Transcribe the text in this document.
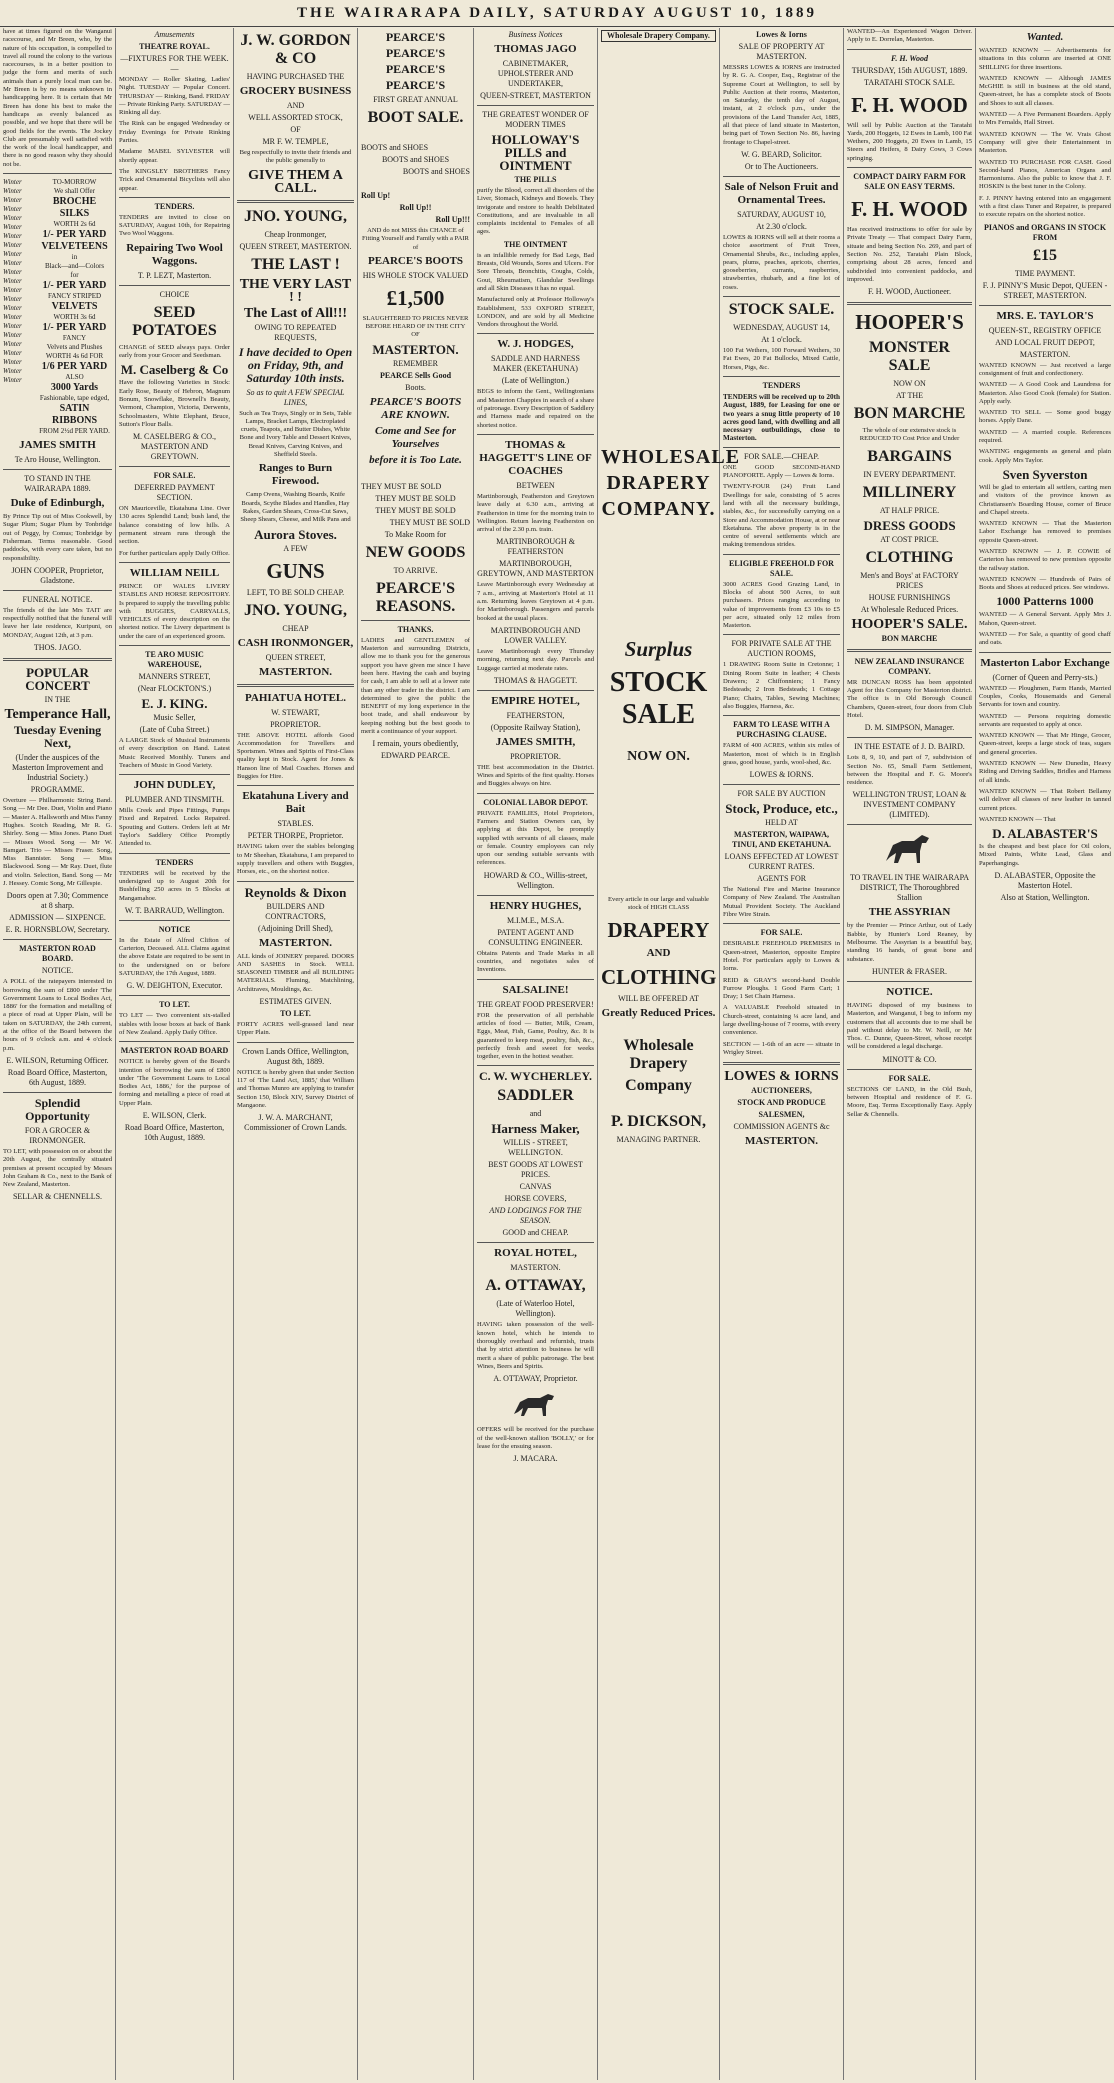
THE WAIRARAPA DAILY, SATURDAY AUGUST 10, 1889

have at times figured on the Wanganui racecourse, and Mr Breen, who, by the nature of his occupation, is compelled to travel all round the colony to the various racecourses, is in a better position to judge the form and merits of such animals than a purely local man can be. Mr Breen is by no means unknown in handicapping here. It is certain that Mr Breen has done his best to make the handicaps as evenly balanced as possible, and we hope that there will be good fields for the events. The Jockey Club are presumably well satisfied with the work of the local handicapper, and there is no good reason why they should not be.

Winter
Winter
Winter
Winter
Winter
Winter
Winter
Winter
Winter
Winter
Winter
Winter
Winter
Winter
Winter
Winter
Winter
Winter
Winter
Winter
Winter
Winter
Winter
TO-MORROW
We shall Offer
BROCHE SILKS
WORTH 2s 6d
1/- PER YARD
VELVETEENS
in
Black—and—Colors
for
1/- PER YARD
FANCY STRIPED
VELVETS
WORTH 3s 6d
1/- PER YARD
FANCY
Velvets and Plushes
WORTH 4s 6d FOR
1/6 PER YARD
ALSO
3000 Yards
Fashionable, tape edged,
SATIN RIBBONS
FROM 2½d PER YARD.
JAMES SMITH
Te Aro House, Wellington.
TO STAND IN THE WAIRARAPA 1889.
Duke of Edinburgh,

By Prince Tip out of Miss Cookwell, by Sugar Plum; Sugar Plum by Tonbridge out of Peggy, by Comus; Tonbridge by Fisherman. Terms reasonable. Good paddocks, with every care taken, but no responsibility.

JOHN COOPER, Proprietor, Gladstone.
FUNERAL NOTICE.

The friends of the late Mrs TAIT are respectfully notified that the funeral will leave her late residence, Kuripuni, on MONDAY, August 12th, at 3 p.m.

THOS. JAGO.
POPULAR CONCERT
IN THE
Temperance Hall,
Tuesday Evening Next,
(Under the auspices of the Masterton Improvement and Industrial Society.)
PROGRAMME.

Overture — Philharmonic String Band. Song — Mr Dee. Duet, Violin and Piano — Master A. Hallsworth and Miss Fanny Hughes. Scotch Reading, Mr R. G. Shirley. Song — Miss Jones. Piano Duet — Misses Wood. Song — Mr W. Bamgart. Trio — Misses Fraser. Song, Miss Bannister. Song — Miss Blackwood. Song — Mr Ray. Duet, flute and violin. Selection, Band. Song — Mr J. Hessey. Comic Song, Mr Gillespie.

Doors open at 7.30; Commence at 8 sharp.
ADMISSION — SIXPENCE.
E. R. HORNSBLOW, Secretary.
MASTERTON ROAD BOARD.
NOTICE.

A POLL of the ratepayers interested in borrowing the sum of £800 under 'The Government Loans to Local Bodies Act, 1886' for the formation and metalling of a piece of road at Upper Plain, will be taken on SATURDAY, the 24th current, at the office of the Board between the hours of 9 o'clock a.m. and 4 o'clock p.m.

E. WILSON, Returning Officer.
Road Board Office, Masterton, 6th August, 1889.
Splendid Opportunity
FOR A GROCER & IRONMONGER.

TO LET, with possession on or about the 20th August, the centrally situated premises at present occupied by Messrs John Graham & Co., next to the Bank of New Zealand, Masterton.

SELLAR & CHENNELLS.
Amusements
THEATRE ROYAL.
—FIXTURES FOR THE WEEK.—

MONDAY — Roller Skating, Ladies' Night. TUESDAY — Popular Concert. THURSDAY — Rinking, Band. FRIDAY — Private Rinking Party. SATURDAY — Rinking all day.

The Rink can be engaged Wednesday or Friday Evenings for Private Rinking Parties.

Madame MABEL SYLVESTER will shortly appear.

The KINGSLEY BROTHERS Fancy Trick and Ornamental Bicyclists will also appear.

TENDERS.

TENDERS are invited to close on SATURDAY, August 10th, for Repairing Two Wool Waggons.

Repairing Two Wool Waggons.
T. P. LEZT, Masterton.
CHOICE
SEED POTATOES

CHANGE of SEED always pays. Order early from your Grocer and Seedsman.

M. Caselberg & Co

Have the following Varieties in Stock: Early Rose, Beauty of Hebron, Magnum Bonum, Snowflake, Brownell's Beauty, Vermont, Champion, Victoria, Derwents, Schoolmasters, White Elephant, Bruce, Sutton's Flour Balls.

M. CASELBERG & CO., MASTERTON AND GREYTOWN.
FOR SALE.
DEFERRED PAYMENT SECTION.

ON Mauriceville, Ekatahuna Line. Over 130 acres Splendid Land; bush land, the balance consisting of low hills. A permanent stream runs through the section.

For further particulars apply Daily Office.

WILLIAM NEILL

PRINCE OF WALES LIVERY STABLES AND HORSE REPOSITORY. Is prepared to supply the travelling public with BUGGIES, CARRYALLS, VEHICLES of every description on the shortest notice. The Livery department is under the care of an experienced groom.

TE ARO MUSIC WAREHOUSE,
MANNERS STREET,
(Near FLOCKTON'S.)
E. J. KING.
Music Seller,
(Late of Cuba Street.)

A LARGE Stock of Musical Instruments of every description on Hand. Latest Music Received Monthly. Tuners and Teachers of Music in Good Variety.

JOHN DUDLEY,
PLUMBER AND TINSMITH.

Mills Creek and Pipes Fittings, Pumps Fixed and Repaired. Locks Repaired. Spouting and Gutters. Orders left at Mr Taylor's Saddlery Office Promptly Attended to.

TENDERS

TENDERS will be received by the undersigned up to August 20th for Bushfelling 250 acres in 5 Blocks at Mangamahoe.

W. T. BARRAUD, Wellington.
NOTICE

In the Estate of Alfred Clifton of Carterton, Deceased. ALL Claims against the above Estate are required to be sent in to the undersigned on or before SATURDAY, the 17th August, 1889.

G. W. DEIGHTON, Executor.
TO LET.

TO LET — Two convenient six-stalled stables with loose boxes at back of Bank of New Zealand. Apply Daily Office.

MASTERTON ROAD BOARD

NOTICE is hereby given of the Board's intention of borrowing the sum of £800 under 'The Government Loans to Local Bodies Act, 1886,' for the purpose of forming and metalling a piece of road at Upper Plain.

E. WILSON, Clerk.
Road Board Office, Masterton, 10th August, 1889.
J. W. GORDON & CO
HAVING PURCHASED THE
GROCERY BUSINESS
AND
WELL ASSORTED STOCK,
OF
MR F. W. TEMPLE,

Beg respectfully to invite their friends and the public generally to

GIVE THEM A CALL.
JNO. YOUNG,
Cheap Ironmonger,
QUEEN STREET, MASTERTON.
THE LAST !
THE VERY LAST ! !
The Last of All!!!
OWING TO REPEATED REQUESTS,
I have decided to Open on Friday, 9th, and Saturday 10th insts.
So as to quit A FEW SPECIAL LINES,

Such as Tea Trays, Singly or in Sets, Table Lamps, Bracket Lamps, Electroplated cruets, Teapots, and Butter Dishes, White Bone and Ivory Table and Dessert Knives, Bread Knives, Carving Knives, and Sheffield Steels.

Ranges to Burn Firewood.

Camp Ovens, Washing Boards, Knife Boards, Scythe Blades and Handles, Hay Rakes, Garden Shears, Cross-Cut Saws, Sheep Shears, Cheese, and Milk Pans and

Aurora Stoves.
A FEW
GUNS
LEFT, TO BE SOLD CHEAP.
JNO. YOUNG,
CHEAP
CASH IRONMONGER,
QUEEN STREET,
MASTERTON.
PAHIATUA HOTEL.
W. STEWART,
PROPRIETOR.

THE ABOVE HOTEL affords Good Accommodation for Travellers and Sportsmen. Wines and Spirits of First-Class quality kept in Stock. Agent for Jones & Hanson line of Mail Coaches. Horses and Buggies for Hire.

Ekatahuna Livery and Bait
STABLES.
PETER THORPE, Proprietor.

HAVING taken over the stables belonging to Mr Sheehan, Ekatahuna, I am prepared to supply travellers and others with Buggies, Horses, etc., on the shortest notice.

Reynolds & Dixon
BUILDERS AND CONTRACTORS,
(Adjoining Drill Shed),
MASTERTON.

ALL kinds of JOINERY prepared. DOORS AND SASHES in Stock. WELL SEASONED TIMBER and all BUILDING MATERIALS. Fluming, Matchlining, Architraves, Mouldings, &c.

ESTIMATES GIVEN.
TO LET.

FORTY ACRES well-grassed land near Upper Plain.

Crown Lands Office, Wellington, August 8th, 1889.

NOTICE is hereby given that under Section 117 of 'The Land Act, 1885,' that William and Thomas Munro are applying to transfer Section 150, Block XIV, Survey District of Mangaone.

J. W. A. MARCHANT, Commissioner of Crown Lands.
PEARCE'S
PEARCE'S
PEARCE'S
PEARCE'S
FIRST GREAT ANNUAL
BOOT SALE.
BOOTS and SHOES
BOOTS and SHOES
BOOTS and SHOES
Roll Up!
Roll Up!!
Roll Up!!!

AND do not MISS this CHANCE of Fitting Yourself and Family with a PAIR of

PEARCE'S BOOTS
HIS WHOLE STOCK VALUED
£1,500

SLAUGHTERED TO PRICES NEVER BEFORE HEARD OF IN THE CITY OF

MASTERTON.
REMEMBER
PEARCE Sells Good
Boots.
PEARCE'S BOOTS ARE KNOWN.
Come and See for Yourselves
before it is Too Late.
THEY MUST BE SOLD
THEY MUST BE SOLD
THEY MUST BE SOLD
THEY MUST BE SOLD
To Make Room for
NEW GOODS
TO ARRIVE.
PEARCE'S REASONS.
THANKS.

LADIES and GENTLEMEN of Masterton and surrounding Districts, allow me to thank you for the generous support you have given me since I have been here. Having the cash and buying for cash, I am able to sell at a lower rate than any other trader in the district. I am determined to give the public the BENEFIT of my long experience in the boot trade, and shall endeavour by keeping nothing but the best goods to merit a continuance of your support.

I remain, yours obediently,
EDWARD PEARCE.
Business Notices
THOMAS JAGO
CABINETMAKER, UPHOLSTERER AND UNDERTAKER,
QUEEN-STREET, MASTERTON
THE GREATEST WONDER OF MODERN TIMES
HOLLOWAY'S PILLS and OINTMENT
THE PILLS

purify the Blood, correct all disorders of the Liver, Stomach, Kidneys and Bowels. They invigorate and restore to health Debilitated Constitutions, and are invaluable in all complaints incidental to Females of all ages.

THE OINTMENT

is an infallible remedy for Bad Legs, Bad Breasts, Old Wounds, Sores and Ulcers. For Sore Throats, Bronchitis, Coughs, Colds, Gout, Rheumatism, Glandular Swellings and all Skin Diseases it has no equal.

Manufactured only at Professor Holloway's Establishment, 533 OXFORD STREET, LONDON, and are sold by all Medicine Vendors throughout the World.

W. J. HODGES,
SADDLE AND HARNESS MAKER (EKETAHUNA)
(Late of Wellington.)

BEGS to inform the Gent., Wellingtonians and Masterton Chappies in search of a share of patronage. Every Description of Saddlery and Harness made and repaired on the shortest notice.

THOMAS & HAGGETT'S LINE OF COACHES
BETWEEN

Martinborough, Featherston and Greytown leave daily at 6.30 a.m., arriving at Featherston in time for the morning train to Wellington. Return leaving Featherston on arrival of the 2.30 p.m. train.

MARTINBOROUGH & FEATHERSTON
MARTINBOROUGH, GREYTOWN, AND MASTERTON

Leave Martinborough every Wednesday at 7 a.m., arriving at Masterton's Hotel at 11 a.m. Returning leaves Greytown at 4 p.m. for Martinborough. Passengers and parcels booked at the usual places.

MARTINBOROUGH AND LOWER VALLEY.

Leave Martinborough every Thursday morning, returning next day. Parcels and Luggage carried at moderate rates.

THOMAS & HAGGETT.
EMPIRE HOTEL,
FEATHERSTON,
(Opposite Railway Station),
JAMES SMITH,
PROPRIETOR.

THE best accommodation in the District. Wines and Spirits of the first quality. Horses and Buggies always on hire.

COLONIAL LABOR DEPOT.

PRIVATE FAMILIES, Hotel Proprietors, Farmers and Station Owners can, by applying at this Depot, be promptly supplied with servants of all classes, male or female. Country employees can rely upon our sending suitable servants with references.

HOWARD & CO., Willis-street, Wellington.
HENRY HUGHES,
M.I.M.E., M.S.A.
PATENT AGENT AND CONSULTING ENGINEER.

Obtains Patents and Trade Marks in all countries, and negotiates sales of Inventions.

SALSALINE!
THE GREAT FOOD PRESERVER!

FOR the preservation of all perishable articles of food — Butter, Milk, Cream, Eggs, Meat, Fish, Game, Poultry, &c. It is guaranteed to keep meat, poultry, fish, &c., perfectly fresh and sweet for weeks together, even in the hottest weather.

C. W. WYCHERLEY.
SADDLER
and
Harness Maker,
WILLIS - STREET, WELLINGTON.
BEST GOODS AT LOWEST PRICES.
CANVAS
HORSE COVERS,
AND LODGINGS FOR THE SEASON.
GOOD and CHEAP.
ROYAL HOTEL,
MASTERTON.
A. OTTAWAY,
(Late of Waterloo Hotel, Wellington).

HAVING taken possession of the well-known hotel, which he intends to thoroughly overhaul and refurnish, trusts that by strict attention to business he will merit a share of public patronage. The best Wines, Beers and Spirits.

A. OTTAWAY, Proprietor.

OFFERS will be received for the purchase of the well-known stallion 'BOLLY,' or for lease for the ensuing season.

J. MACARA.
Wholesale Drapery Company.
WHOLESALE DRAPERY COMPANY.
Surplus
STOCK SALE
NOW ON.

Every article in our large and valuable stock of HIGH CLASS

DRAPERY
AND
CLOTHING
WILL BE OFFERED AT
Greatly Reduced Prices.
Wholesale Drapery
Company
P. DICKSON,
MANAGING PARTNER.
Lowes & Iorns
SALE OF PROPERTY AT MASTERTON.

MESSRS LOWES & IORNS are instructed by R. G. A. Cooper, Esq., Registrar of the Supreme Court at Wellington, to sell by Public Auction at their rooms, Masterton, on Saturday, the tenth day of August, instant, at 2 o'clock p.m., under the provisions of the Land Transfer Act, 1885, all that piece of land situate in Masterton, being part of Town Section No. 86, having frontage to Chapel-street.

W. G. BEARD, Solicitor.
Or to The Auctioneers.
Sale of Nelson Fruit and Ornamental Trees.
SATURDAY, AUGUST 10,
At 2.30 o'clock.

LOWES & IORNS will sell at their rooms a choice assortment of Fruit Trees, Ornamental Shrubs, &c., including apples, pears, plums, peaches, apricots, cherries, gooseberries, currants, raspberries, strawberries, rhubarb, and a fine lot of roses.

STOCK SALE.
WEDNESDAY, AUGUST 14,
At 1 o'clock.

100 Fat Wethers, 100 Forward Wethers, 30 Fat Ewes, 20 Fat Bullocks, Mixed Cattle, Horses, Pigs, &c.

TENDERS

TENDERS will be received up to 20th August, 1889, for Leasing for one or two years a snug little property of 10 acres good land, with dwelling and all necessary outbuildings, close to Masterton.

FOR SALE.—CHEAP.

ONE GOOD SECOND-HAND PIANOFORTE. Apply — Lowes & Iorns.

TWENTY-FOUR (24) Fruit Land Dwellings for sale, consisting of 5 acres land with all the necessary buildings, stables, &c., for successfully carrying on a Store and Accommodation House, at or near Eketahuna. The above property is in the centre of several settlements which are making tremendous strides.

ELIGIBLE FREEHOLD FOR SALE.

3000 ACRES Good Grazing Land, in Blocks of about 500 Acres, to suit purchasers. Prices ranging according to value of improvements from £3 10s to £5 per acre, situated only 12 miles from Masterton.

FOR PRIVATE SALE AT THE AUCTION ROOMS,

1 DRAWING Room Suite in Cretonne; 1 Dining Room Suite in leather; 4 Chests Drawers; 2 Chiffonniers; 1 Fancy Bedsteads; 2 Iron Bedsteads; 1 Cottage Piano; Chairs, Tables, Sewing Machines; also Buggies, Harness, &c.

FARM TO LEASE WITH A PURCHASING CLAUSE.

FARM of 400 ACRES, within six miles of Masterton, most of which is in English grass, good house, yards, wool-shed, &c.

LOWES & IORNS.
FOR SALE BY AUCTION
Stock, Produce, etc.,
HELD AT
MASTERTON, WAIPAWA, TINUI, AND EKETAHUNA.
LOANS EFFECTED AT LOWEST CURRENT RATES.
AGENTS FOR

The National Fire and Marine Insurance Company of New Zealand. The Australian Mutual Provident Society. The Auckland Fibre Wire Strain.

FOR SALE.

DESIRABLE FREEHOLD PREMISES in Queen-street, Masterton, opposite Empire Hotel. For particulars apply to Lowes & Iorns.

REID & GRAY'S second-hand Double Furrow Ploughs. 1 Good Farm Cart; 1 Dray; 1 Set Chain Harness.

A VALUABLE Freehold situated in Church-street, containing ¼ acre land, and large dwelling-house of 7 rooms, with every convenience.

SECTION — 1-6th of an acre — situate in Wrigley Street.

LOWES & IORNS
AUCTIONEERS,
STOCK AND PRODUCE
SALESMEN,
COMMISSION AGENTS &c
MASTERTON.

WANTED—An Experienced Wagon Driver. Apply to E. Dorrelan, Masterton.

F. H. Wood
THURSDAY, 15th AUGUST, 1889.
TARATAHI STOCK SALE.
F. H. WOOD

Will sell by Public Auction at the Taratahi Yards, 200 Hoggets, 12 Ewes in Lamb, 100 Fat Wethers, 200 Hoggets, 20 Ewes in Lamb, 15 Steers and Heifers, 8 Dairy Cows, 3 Cows springing.

COMPACT DAIRY FARM FOR SALE ON EASY TERMS.
F. H. WOOD

Has received instructions to offer for sale by Private Treaty — That compact Dairy Farm, situate and being Section No. 269, and part of Section No. 252, Taratahi Plain Block, comprising about 28 acres, fenced and subdivided into convenient paddocks, and improved.

F. H. WOOD, Auctioneer.
HOOPER'S
MONSTER SALE
NOW ON
AT THE
BON MARCHE

The whole of our extensive stock is REDUCED TO Cost Price and Under

BARGAINS
IN EVERY DEPARTMENT.
MILLINERY
AT HALF PRICE.
DRESS GOODS
AT COST PRICE.
CLOTHING
Men's and Boys' at FACTORY PRICES
HOUSE FURNISHINGS
At Wholesale Reduced Prices.
HOOPER'S SALE.
BON MARCHE
NEW ZEALAND INSURANCE COMPANY.

MR DUNCAN ROSS has been appointed Agent for this Company for Masterton district. The office is in Old Borough Council Chambers, Queen-street, four doors from Club Hotel.

D. M. SIMPSON, Manager.
IN THE ESTATE of J. D. BAIRD.

Lots 8, 9, 10, and part of 7, subdivision of Section No. 65, Small Farm Settlement, between the Hospital and F. G. Moore's residence.

WELLINGTON TRUST, LOAN & INVESTMENT COMPANY (LIMITED).
TO TRAVEL IN THE WAIRARAPA DISTRICT, The Thoroughbred Stallion
THE ASSYRIAN

by the Premier — Prince Arthur, out of Lady Babbie, by Hunter's Lord Reaney, by Melbourne. The Assyrian is a beautiful bay, standing 16 hands, of great bone and substance.

HUNTER & FRASER.
NOTICE.

HAVING disposed of my business to Masterton, and Wanganui, I beg to inform my customers that all accounts due to me shall be paid without delay to Mr. W. Neill, or Mr Thos. C. Dunne, Queen-Street, whose receipt will be considered a legal discharge.

MINOTT & CO.
FOR SALE.

SECTIONS OF LAND, in the Old Bush, between Hospital and residence of F. G. Moore, Esq. Terms Exceptionally Easy. Apply Sellar & Chennells.

Wanted.

WANTED KNOWN — Advertisements for situations in this column are inserted at ONE SHILLING for three insertions.

WANTED KNOWN — Although JAMES McGHIE is still in business at the old stand, Queen-street, he has a complete stock of Boots and Shoes to suit all classes.

WANTED — A Five Permanent Boarders. Apply to Mrs Fernalds, Hall Street.

WANTED KNOWN — The W. Vrais Ghost Company will give their Entertainment in Masterton.

WANTED TO PURCHASE FOR CASH. Good Second-hand Pianos, American Organs and Harmoniums. Also the public to know that J. F. HOSKIN is the best tuner in the Colony.

F. J. PINNY having entered into an engagement with a first class Tuner and Repairer, is prepared to execute repairs on the shortest notice.

PIANOS and ORGANS IN STOCK FROM
£15
TIME PAYMENT.
F. J. PINNY'S Music Depot, QUEEN - STREET, MASTERTON.
MRS. E. TAYLOR'S
QUEEN-ST., REGISTRY OFFICE
AND LOCAL FRUIT DEPOT,
MASTERTON.

WANTED KNOWN — Just received a large consignment of fruit and confectionery.

WANTED — A Good Cook and Laundress for Masterton. Also Good Cook (female) for Station. Apply early.

WANTED TO SELL — Some good buggy horses. Apply Dane.

WANTED — A married couple. References required.

WANTING engagements as general and plain cook. Apply Mrs Taylor.

Sven Syverston

Will be glad to entertain all settlers, carting men and visitors of the province known as Christiansen's Boarding House, corner of Bruce and Chapel streets.

WANTED KNOWN — That the Masterton Labor Exchange has removed to premises opposite Queen-street.

WANTED KNOWN — J. P. COWIE of Carterton has removed to new premises opposite the railway station.

WANTED KNOWN — Hundreds of Pairs of Boots and Shoes at reduced prices. See windows.

1000 Patterns 1000

WANTED — A General Servant. Apply Mrs J. Mahon, Queen-street.

WANTED — For Sale, a quantity of good chaff and oats.

Masterton Labor Exchange
(Corner of Queen and Perry-sts.)

WANTED — Ploughmen, Farm Hands, Married Couples, Cooks, Housemaids and General Servants for town and country.

WANTED — Persons requiring domestic servants are requested to apply at once.

WANTED KNOWN — That Mr Hinge, Grocer, Queen-street, keeps a large stock of teas, sugars and general groceries.

WANTED KNOWN — New Dunedin, Heavy Riding and Driving Saddles, Bridles and Harness of all kinds.

WANTED KNOWN — That Robert Bellamy will deliver all classes of new leather in tanned current prices.

WANTED KNOWN — That

D. ALABASTER'S

Is the cheapest and best place for Oil colors, Mixed Paints, White Lead, Glass and Paperhangings.

D. ALABASTER, Opposite the Masterton Hotel.
Also at Station, Wellington.
